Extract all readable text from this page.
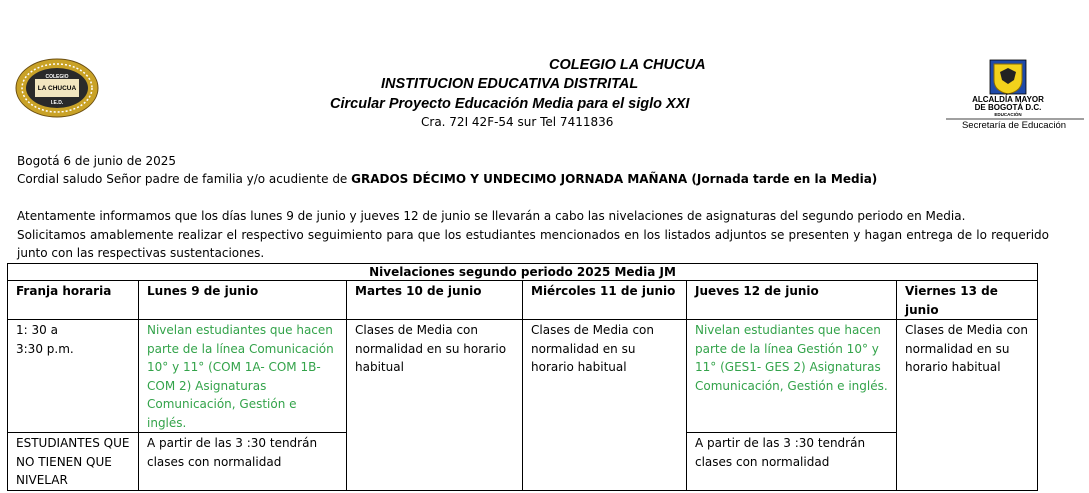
COLEGIO
LA CHUCUA
I.E.D.	ALCALDÍA MAYOR
DE BOGOTÁ D.C.
EDUCACIÓN
Secretaría de Educación
COLEGIO LA CHUCUA
INSTITUCION EDUCATIVA DISTRITAL
Circular Proyecto Educación Media para el siglo XXI
Cra. 72I 42F-54 sur Tel 7411836
Bogotá 6 de junio de 2025
Cordial saludo Señor padre de familia y/o acudiente de GRADOS DÉCIMO Y UNDECIMO JORNADA MAÑANA (Jornada tarde en la Media)
Atentamente informamos que los días lunes 9 de junio y jueves 12 de junio se llevarán a cabo las nivelaciones de asignaturas del segundo periodo en Media.
Solicitamos amablemente realizar el respectivo seguimiento para que los estudiantes mencionados en los listados adjuntos se presenten y hagan entrega de lo requerido junto con las respectivas sustentaciones.
Nivelaciones segundo periodo 2025 Media JM					
Franja horaria	Lunes 9 de junio	Martes 10 de junio	Miércoles 11 de junio	Jueves 12 de junio	Viernes 13 de junio

1: 30 a
3:30 p.m.	Nivelan estudiantes que hacen parte de la línea Comunicación 10° y 11° (COM 1A- COM 1B-COM 2) Asignaturas Comunicación, Gestión e inglés.	Clases de Media con normalidad en su horario habitual	Clases de Media con normalidad en su horario habitual	Nivelan estudiantes que hacen parte de la línea Gestión 10° y 11° (GES1- GES 2) Asignaturas Comunicación, Gestión e inglés.	Clases de Media con normalidad en su horario habitual
ESTUDIANTES QUE NO TIENEN QUE NIVELAR	A partir de las 3 :30 tendrán clases con normalidad			A partir de las 3 :30 tendrán clases con normalidad	
